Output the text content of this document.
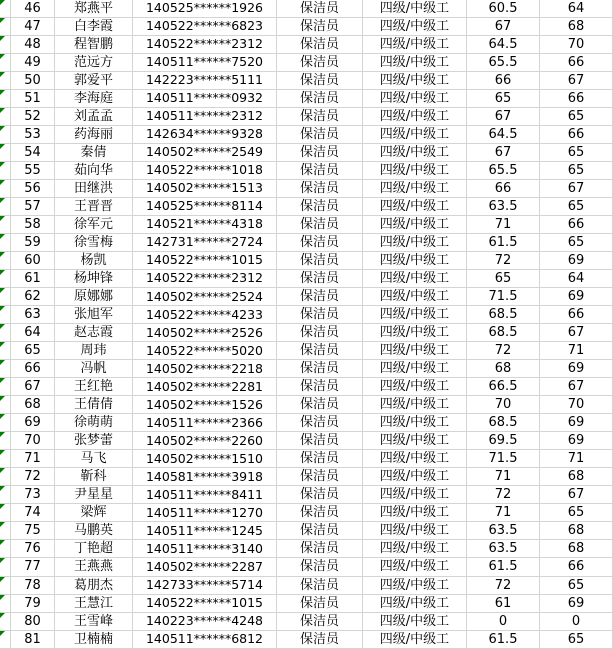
46	郑燕平	140525******1926	保洁员	四级/中级工	60.5	64
47	白李霞	140522******6823	保洁员	四级/中级工	67	68
48	程智鹏	140522******2312	保洁员	四级/中级工	64.5	70
49	范远方	140511******7520	保洁员	四级/中级工	65.5	66
50	郭爱平	142223******5111	保洁员	四级/中级工	66	67
51	李海庭	140511******0932	保洁员	四级/中级工	65	66
52	刘孟孟	140511******2312	保洁员	四级/中级工	67	65
53	药海丽	142634******9328	保洁员	四级/中级工	64.5	66
54	秦倩	140502******2549	保洁员	四级/中级工	67	65
55	茹向华	140522******1018	保洁员	四级/中级工	65.5	65
56	田继洪	140502******1513	保洁员	四级/中级工	66	67
57	王晋晋	140525******8114	保洁员	四级/中级工	63.5	65
58	徐军元	140521******4318	保洁员	四级/中级工	71	66
59	徐雪梅	142731******2724	保洁员	四级/中级工	61.5	65
60	杨凯	140522******1015	保洁员	四级/中级工	72	69
61	杨坤锋	140522******2312	保洁员	四级/中级工	65	64
62	原娜娜	140502******2524	保洁员	四级/中级工	71.5	69
63	张旭军	140522******4233	保洁员	四级/中级工	68.5	66
64	赵志霞	140502******2526	保洁员	四级/中级工	68.5	67
65	周玮	140522******5020	保洁员	四级/中级工	72	71
66	冯帆	140502******2218	保洁员	四级/中级工	68	69
67	王红艳	140502******2281	保洁员	四级/中级工	66.5	67
68	王倩倩	140502******1526	保洁员	四级/中级工	70	70
69	徐萌萌	140511******2366	保洁员	四级/中级工	68.5	69
70	张梦蕾	140502******2260	保洁员	四级/中级工	69.5	69
71	马飞	140502******1510	保洁员	四级/中级工	71.5	71
72	靳科	140581******3918	保洁员	四级/中级工	71	68
73	尹星星	140511******8411	保洁员	四级/中级工	72	67
74	梁辉	140511******1270	保洁员	四级/中级工	71	65
75	马鹏英	140511******1245	保洁员	四级/中级工	63.5	68
76	丁艳超	140511******3140	保洁员	四级/中级工	63.5	68
77	王燕燕	140502******2287	保洁员	四级/中级工	61.5	66
78	葛朋杰	142733******5714	保洁员	四级/中级工	72	65
79	王慧江	140522******1015	保洁员	四级/中级工	61	69
80	王雪峰	140223******4248	保洁员	四级/中级工	0	0
81	卫楠楠	140511******6812	保洁员	四级/中级工	61.5	65
